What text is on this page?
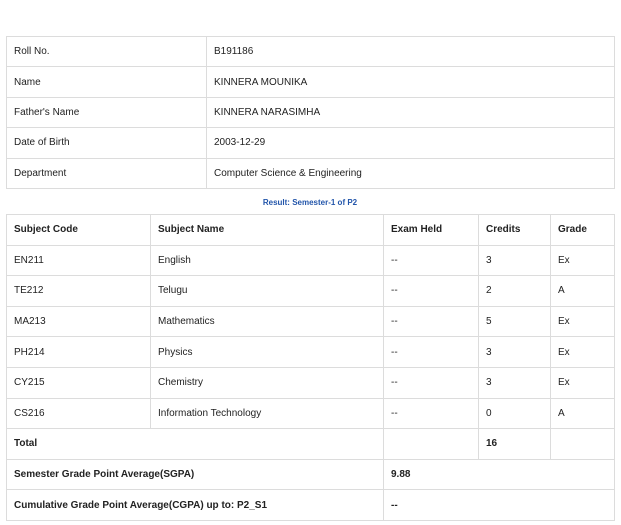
Roll No.	B191186
Name	KINNERA MOUNIKA
Father's Name	KINNERA NARASIMHA
Date of Birth	2003-12-29
Department	Computer Science & Engineering
Result: Semester-1 of P2
Subject Code	Subject Name	Exam Held	Credits	Grade
EN211	English	--	3	Ex
TE212	Telugu	--	2	A
MA213	Mathematics	--	5	Ex
PH214	Physics	--	3	Ex
CY215	Chemistry	--	3	Ex
CS216	Information Technology	--	0	A
Total			16	
Semester Grade Point Average(SGPA)		9.88		
Cumulative Grade Point Average(CGPA) up to: P2_S1		--		
